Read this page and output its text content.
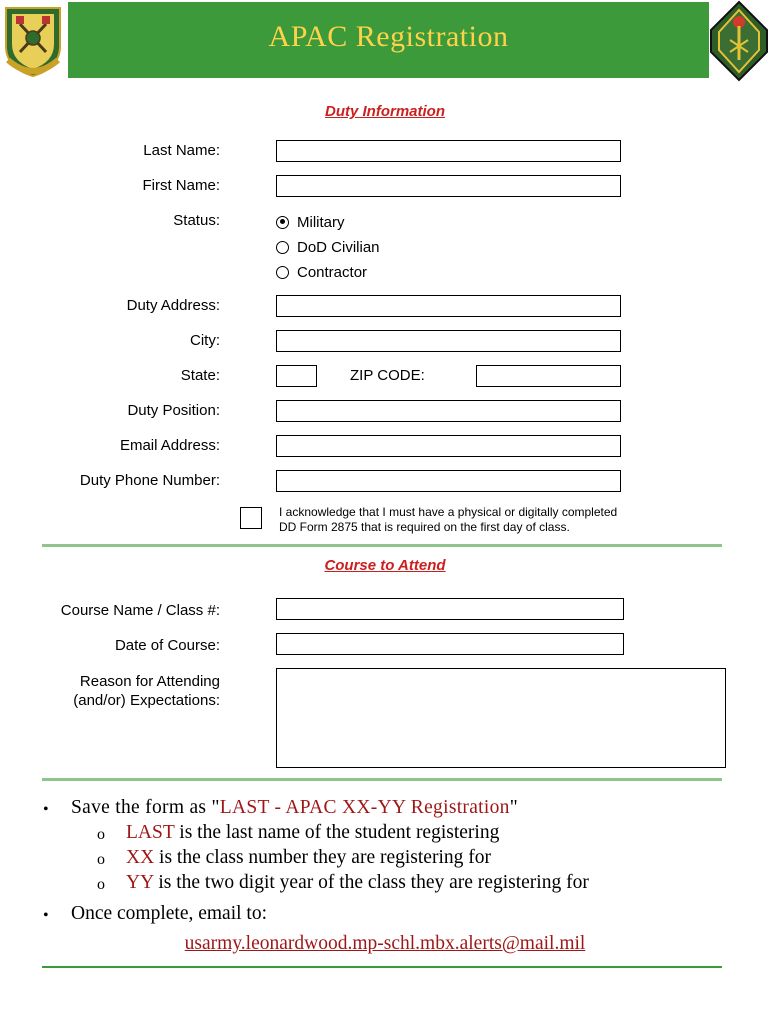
APAC Registration
Duty Information
Last Name:
First Name:
Status:	Military
DoD Civilian
Contractor
Duty Address:
City:
State:	ZIP CODE:
Duty Position:
Email Address:
Duty Phone Number:
I acknowledge that I must have a physical or digitally completed
DD Form 2875 that is required on the first day of class.
Course to Attend
Course Name / Class #:
Date of Course:
Reason for Attending
(and/or) Expectations:
• Save the form as "LAST - APAC XX-YY Registration"
o LAST is the last name of the student registering
o XX is the class number they are registering for
o YY is the two digit year of the class they are registering for
• Once complete, email to:
usarmy.leonardwood.mp-schl.mbx.alerts@mail.mil
